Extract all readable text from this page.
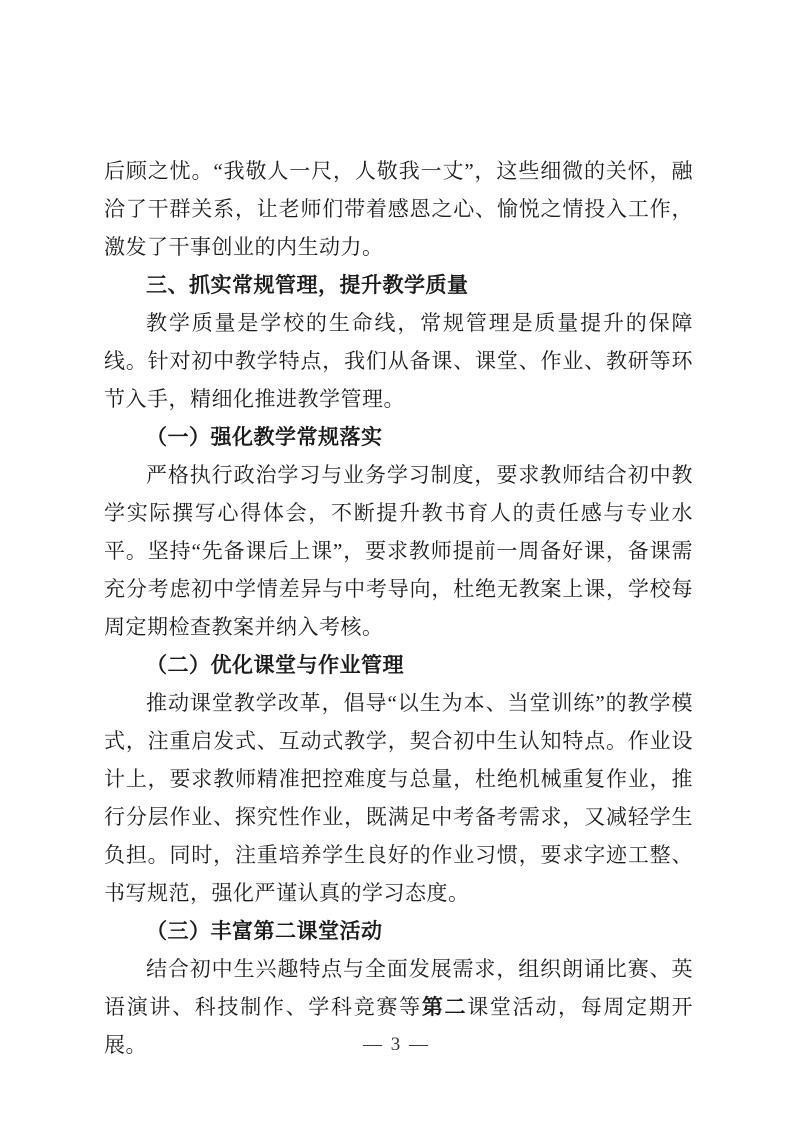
后顾之忧。“我敬人一尺，人敬我一丈”，这些细微的关怀，融洽了干群关系，让老师们带着感恩之心、愉悦之情投入工作，激发了干事创业的内生动力。

三、抓实常规管理，提升教学质量

教学质量是学校的生命线，常规管理是质量提升的保障线。针对初中教学特点，我们从备课、课堂、作业、教研等环节入手，精细化推进教学管理。

（一）强化教学常规落实

严格执行政治学习与业务学习制度，要求教师结合初中教学实际撰写心得体会，不断提升教书育人的责任感与专业水平。坚持“先备课后上课”，要求教师提前一周备好课，备课需充分考虑初中学情差异与中考导向，杜绝无教案上课，学校每周定期检查教案并纳入考核。

（二）优化课堂与作业管理

推动课堂教学改革，倡导“以生为本、当堂训练”的教学模式，注重启发式、互动式教学，契合初中生认知特点。作业设计上，要求教师精准把控难度与总量，杜绝机械重复作业，推行分层作业、探究性作业，既满足中考备考需求，又减轻学生负担。同时，注重培养学生良好的作业习惯，要求字迹工整、书写规范，强化严谨认真的学习态度。

（三）丰富第二课堂活动

结合初中生兴趣特点与全面发展需求，组织朗诵比赛、英语演讲、科技制作、学科竞赛等第二课堂活动，每周定期开展。	— 3 —
